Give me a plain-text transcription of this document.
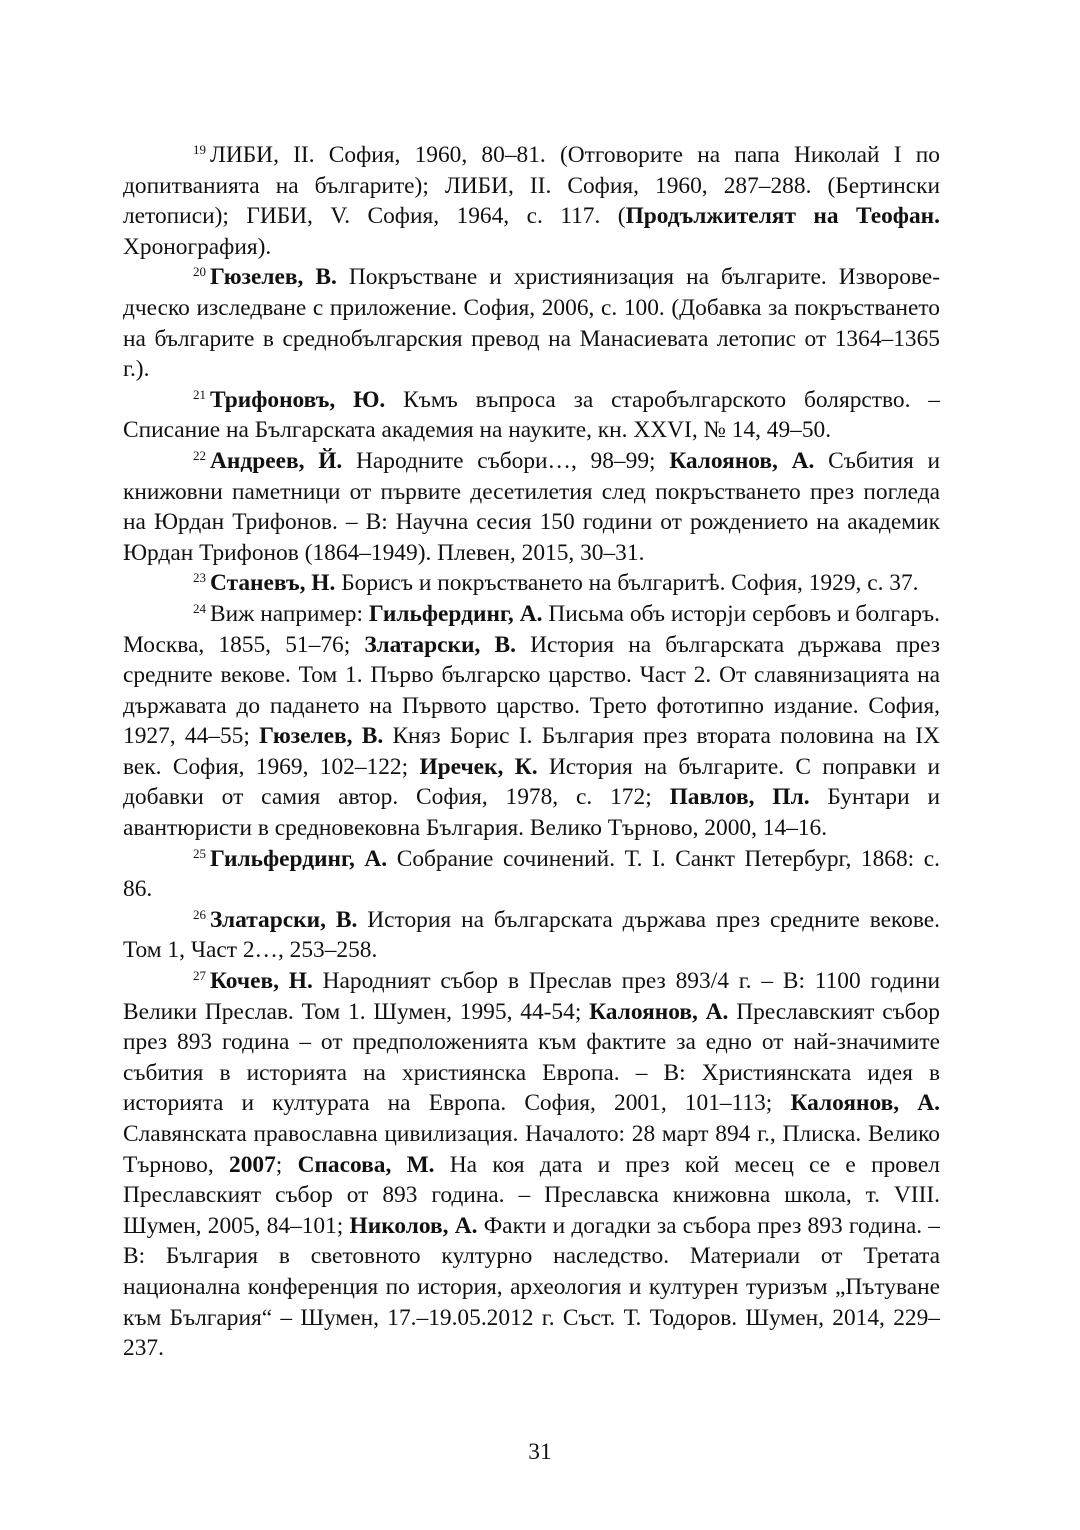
$^{19}$ ЛИБИ, II. София, 1960, 80–81. (Отговорите на папа Николай I по допитванията на българите); ЛИБИ, II. София, 1960, 287–288. (Бертински летописи); ГИБИ, V. София, 1964, с. 117. (Продължителят на Теофан. Хронография).

$^{20}$ Гюзелев, В. Покръстване и християнизация на българите. Извороведческо изследване с приложение. София, 2006, с. 100. (Добавка за покръстването на българите в среднобългарския превод на Манасиевата летопис от 1364–1365 г.).

$^{21}$ Трифоновъ, Ю. Къмъ въпроса за старобългарското болярство. – Списание на Българската академия на науките, кн. XXVI, № 14, 49–50.

$^{22}$ Андреев, Й. Народните събори…, 98–99; Калоянов, А. Събития и книжовни паметници от първите десетилетия след покръстването през погледа на Юрдан Трифонов. – В: Научна сесия 150 години от рождението на академик Юрдан Трифонов (1864–1949). Плевен, 2015, 30–31.

$^{23}$ Станевъ, Н. Борисъ и покръстването на българитѣ. София, 1929, с. 37.

$^{24}$ Виж например: Гильфердинг, А. Письма объ исторjи сербовъ и болгаръ. Москва, 1855, 51–76; Златарски, В. История на българската държава през средните векове. Том 1. Първо българско царство. Част 2. От славянизацията на държавата до падането на Първото царство. Трето фототипно издание. София, 1927, 44–55; Гюзелев, В. Княз Борис I. България през втората половина на IX век. София, 1969, 102–122; Иречек, К. История на българите. С поправки и добавки от самия автор. София, 1978, с. 172; Павлов, Пл. Бунтари и авантюристи в средновековна България. Велико Търново, 2000, 14–16.

$^{25}$ Гильфердинг, А. Собрание сочинений. Т. I. Санкт Петербург, 1868: с. 86.

$^{26}$ Златарски, В. История на българската държава през средните векове. Том 1, Част 2…, 253–258.

$^{27}$ Кочев, Н. Народният събор в Преслав през 893/4 г. – В: 1100 години Велики Преслав. Том 1. Шумен, 1995, 44-54; Калоянов, А. Преславският събор през 893 година – от предположенията към фактите за едно от най-значимите събития в историята на християнска Европа. – В: Християнската идея в историята и културата на Европа. София, 2001, 101–113; Калоянов, А. Славянската православна цивилизация. Началото: 28 март 894 г., Плиска. Велико Търново, 2007; Спасова, М. На коя дата и през кой месец се е провел Преславският събор от 893 година. – Преславска книжовна школа, т. VIII. Шумен, 2005, 84–101; Николов, А. Факти и догадки за събора през 893 година. – В: България в световното културно наследство. Материали от Третата национална конференция по история, археология и културен туризъм „Пътуване към България“ – Шумен, 17.–19.05.2012 г. Съст. Т. Тодоров. Шумен, 2014, 229–237.

31
